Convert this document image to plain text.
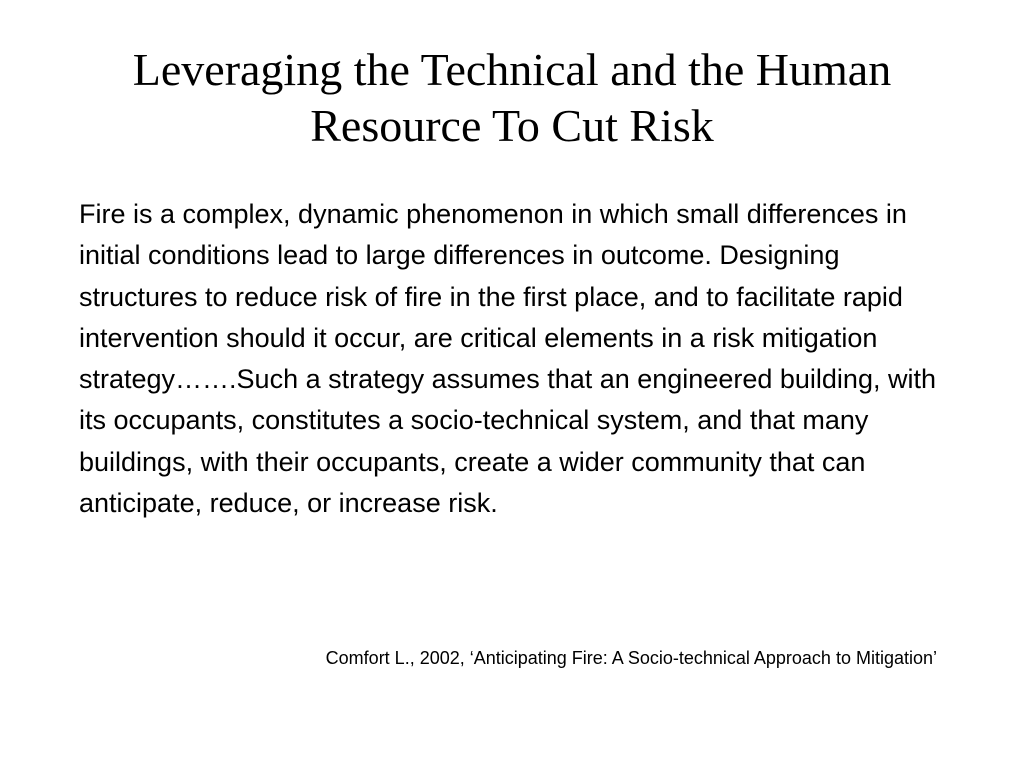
Leveraging the Technical and the Human Resource To Cut Risk

Fire is a complex, dynamic phenomenon in which small differences in initial conditions lead to large differences in outcome. Designing structures to reduce risk of fire in the first place, and to facilitate rapid intervention should it occur, are critical elements in a risk mitigation strategy…….Such a strategy assumes that an engineered building, with its occupants, constitutes a socio-technical system, and that many buildings, with their occupants, create a wider community that can anticipate, reduce, or increase risk.

Comfort L., 2002, ‘Anticipating Fire: A Socio-technical Approach to Mitigation’
